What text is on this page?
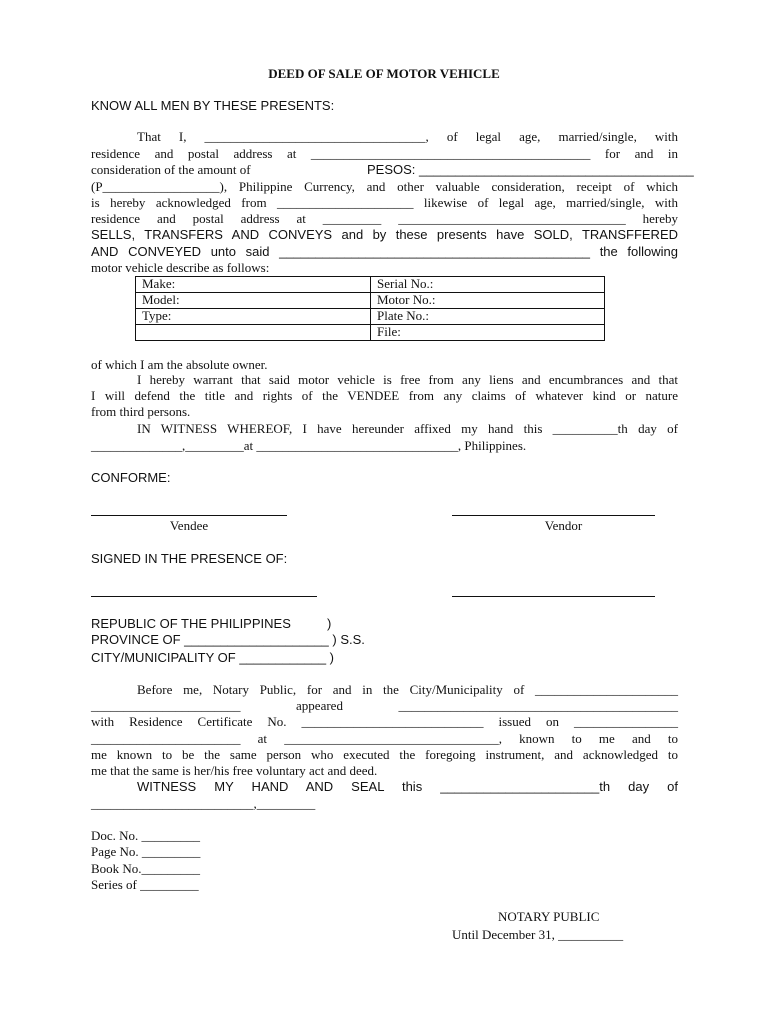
DEED OF SALE OF MOTOR VEHICLE
KNOW ALL MEN BY THESE PRESENTS:
That I, __________________________________, of legal age, married/single, with
residence and postal address at ___________________________________________ for and in
consideration of the amount of	PESOS: ______________________________________
(P__________________), Philippine Currency, and other valuable consideration, receipt of which
is hereby acknowledged from _____________________ likewise of legal age, married/single, with
residence and postal address at _________ ___________________________________ hereby
SELLS, TRANSFERS AND CONVEYS and by these presents have SOLD, TRANSFFERED
AND CONVEYED unto said ___________________________________________ the following
motor vehicle describe as follows:
Make:	Serial No.:
Model:	Motor No.:
Type:	Plate No.:
	File:
of which I am the absolute owner.
I hereby warrant that said motor vehicle is free from any liens and encumbrances and that
I will defend the title and rights of the VENDEE from any claims of whatever kind or nature
from third persons.
IN WITNESS WHEREOF, I have hereunder affixed my hand this __________th day of
______________,_________at _______________________________, Philippines.
CONFORME:
Vendee	Vendor
SIGNED IN THE PRESENCE OF:
REPUBLIC OF THE PHILIPPINES          )
PROVINCE OF ____________________ ) S.S.
CITY/MUNICIPALITY OF ____________ )
Before me, Notary Public, for and in the City/Municipality of ______________________
_______________________ appeared ___________________________________________
with Residence Certificate No. ____________________________ issued on ________________
_______________________ at _________________________________, known to me and to
me known to be the same person who executed the foregoing instrument, and acknowledged to
me that the same is her/his free voluntary act and deed.
WITNESS  MY  HAND  AND  SEAL  this  ______________________th  day  of
_________________________,_________
Doc. No. _________
Page No. _________
Book No._________
Series of _________
NOTARY PUBLIC
Until December 31, __________
